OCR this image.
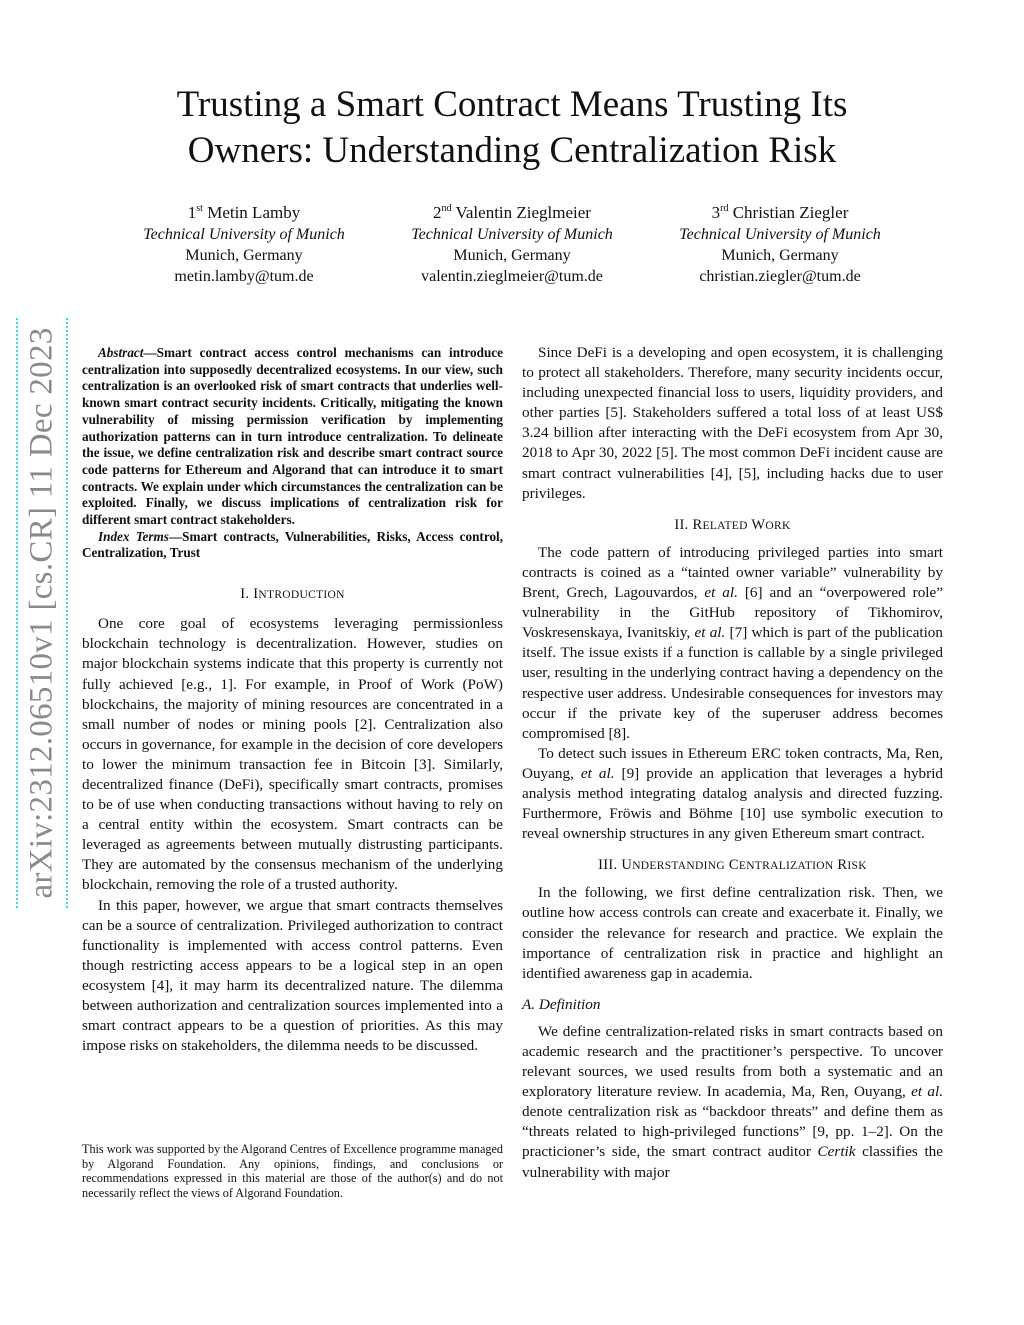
Trusting a Smart Contract Means Trusting Its
Owners: Understanding Centralization Risk
1st Metin Lamby
Technical University of Munich
Munich, Germany
metin.lamby@tum.de
2nd Valentin Zieglmeier
Technical University of Munich
Munich, Germany
valentin.zieglmeier@tum.de
3rd Christian Ziegler
Technical University of Munich
Munich, Germany
christian.ziegler@tum.de
arXiv:2312.06510v1 [cs.CR] 11 Dec 2023	Abstract—Smart contract access control mechanisms can introduce centralization into supposedly decentralized ecosystems. In our view, such centralization is an overlooked risk of smart contracts that underlies well-known smart contract security incidents. Critically, mitigating the known vulnerability of missing permission verification by implementing authorization patterns can in turn introduce centralization. To delineate the issue, we define centralization risk and describe smart contract source code patterns for Ethereum and Algorand that can introduce it to smart contracts. We explain under which circumstances the centralization can be exploited. Finally, we discuss implications of centralization risk for different smart contract stakeholders.

Index Terms—Smart contracts, Vulnerabilities, Risks, Access control, Centralization, Trust

I. INTRODUCTION

One core goal of ecosystems leveraging permissionless blockchain technology is decentralization. However, studies on major blockchain systems indicate that this property is currently not fully achieved [e.g., 1]. For example, in Proof of Work (PoW) blockchains, the majority of mining resources are concentrated in a small number of nodes or mining pools [2]. Centralization also occurs in governance, for example in the decision of core developers to lower the minimum transaction fee in Bitcoin [3]. Similarly, decentralized finance (DeFi), specifically smart contracts, promises to be of use when conducting transactions without having to rely on a central entity within the ecosystem. Smart contracts can be leveraged as agreements between mutually distrusting participants. They are automated by the consensus mechanism of the underlying blockchain, removing the role of a trusted authority.

In this paper, however, we argue that smart contracts themselves can be a source of centralization. Privileged authorization to contract functionality is implemented with access control patterns. Even though restricting access appears to be a logical step in an open ecosystem [4], it may harm its decentralized nature. The dilemma between authorization and centralization sources implemented into a smart contract appears to be a question of priorities. As this may impose risks on stakeholders, the dilemma needs to be discussed.

This work was supported by the Algorand Centres of Excellence programme managed by Algorand Foundation. Any opinions, findings, and conclusions or recommendations expressed in this material are those of the author(s) and do not necessarily reflect the views of Algorand Foundation.

Since DeFi is a developing and open ecosystem, it is challenging to protect all stakeholders. Therefore, many security incidents occur, including unexpected financial loss to users, liquidity providers, and other parties [5]. Stakeholders suffered a total loss of at least US$ 3.24 billion after interacting with the DeFi ecosystem from Apr 30, 2018 to Apr 30, 2022 [5]. The most common DeFi incident cause are smart contract vulnerabilities [4], [5], including hacks due to user privileges.

II. RELATED WORK

The code pattern of introducing privileged parties into smart contracts is coined as a “tainted owner variable” vulnerability by Brent, Grech, Lagouvardos, et al. [6] and an “overpowered role” vulnerability in the GitHub repository of Tikhomirov, Voskresenskaya, Ivanitskiy, et al. [7] which is part of the publication itself. The issue exists if a function is callable by a single privileged user, resulting in the underlying contract having a dependency on the respective user address. Undesirable consequences for investors may occur if the private key of the superuser address becomes compromised [8].

To detect such issues in Ethereum ERC token contracts, Ma, Ren, Ouyang, et al. [9] provide an application that leverages a hybrid analysis method integrating datalog analysis and directed fuzzing. Furthermore, Fröwis and Böhme [10] use symbolic execution to reveal ownership structures in any given Ethereum smart contract.

III. UNDERSTANDING CENTRALIZATION RISK

In the following, we first define centralization risk. Then, we outline how access controls can create and exacerbate it. Finally, we consider the relevance for research and practice. We explain the importance of centralization risk in practice and highlight an identified awareness gap in academia.

A. Definition

We define centralization-related risks in smart contracts based on academic research and the practitioner’s perspective. To uncover relevant sources, we used results from both a systematic and an exploratory literature review. In academia, Ma, Ren, Ouyang, et al. denote centralization risk as “backdoor threats” and define them as “threats related to high-privileged functions” [9, pp. 1–2]. On the practicioner’s side, the smart contract auditor Certik classifies the vulnerability with major
